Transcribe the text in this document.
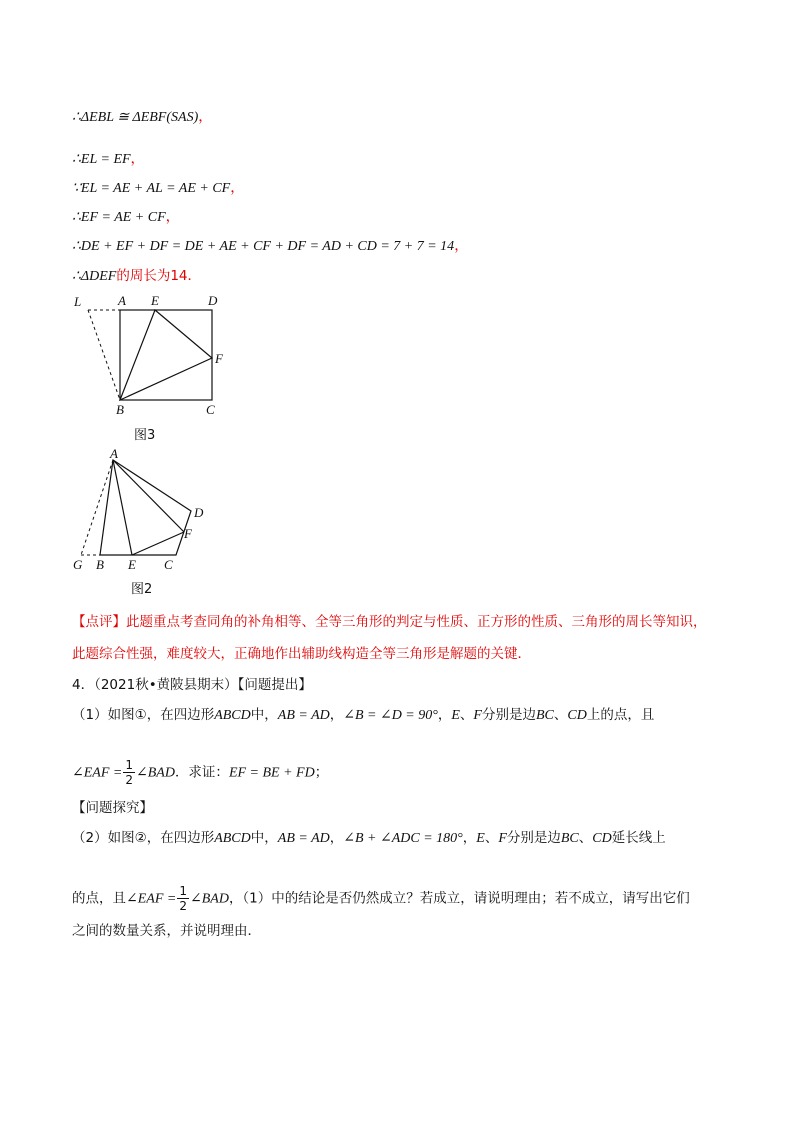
∴ΔEBL ≅ ΔEBF(SAS)，
∴EL = EF，
∵EL = AE + AL = AE + CF，
∴EF = AE + CF，
∴DE + EF + DF = DE + AE + CF + DF = AD + CD = 7 + 7 = 14，
∴ΔDEF的周长为14．
L	A E	D
F
B	C
图3
A
D
F
G B E C
图2
【点评】此题重点考查同角的补角相等、全等三角形的判定与性质、正方形的性质、三角形的周长等知识，
此题综合性强，难度较大，正确地作出辅助线构造全等三角形是解题的关键．
4．（2021秋•黄陂县期末）【问题提出】
（1）如图①，在四边形ABCD中，AB = AD，∠B = ∠D = 90°，E、F分别是边BC、CD上的点，且
∠EAF = $\frac{1}{2}$ ∠BAD．求证：EF = BE + FD；
【问题探究】
（2）如图②，在四边形ABCD中，AB = AD，∠B + ∠ADC = 180°，E、F分别是边BC、CD延长线上
的点，且∠EAF = $\frac{1}{2}$ ∠BAD，（1）中的结论是否仍然成立？若成立，请说明理由；若不成立，请写出它们
之间的数量关系，并说明理由．
